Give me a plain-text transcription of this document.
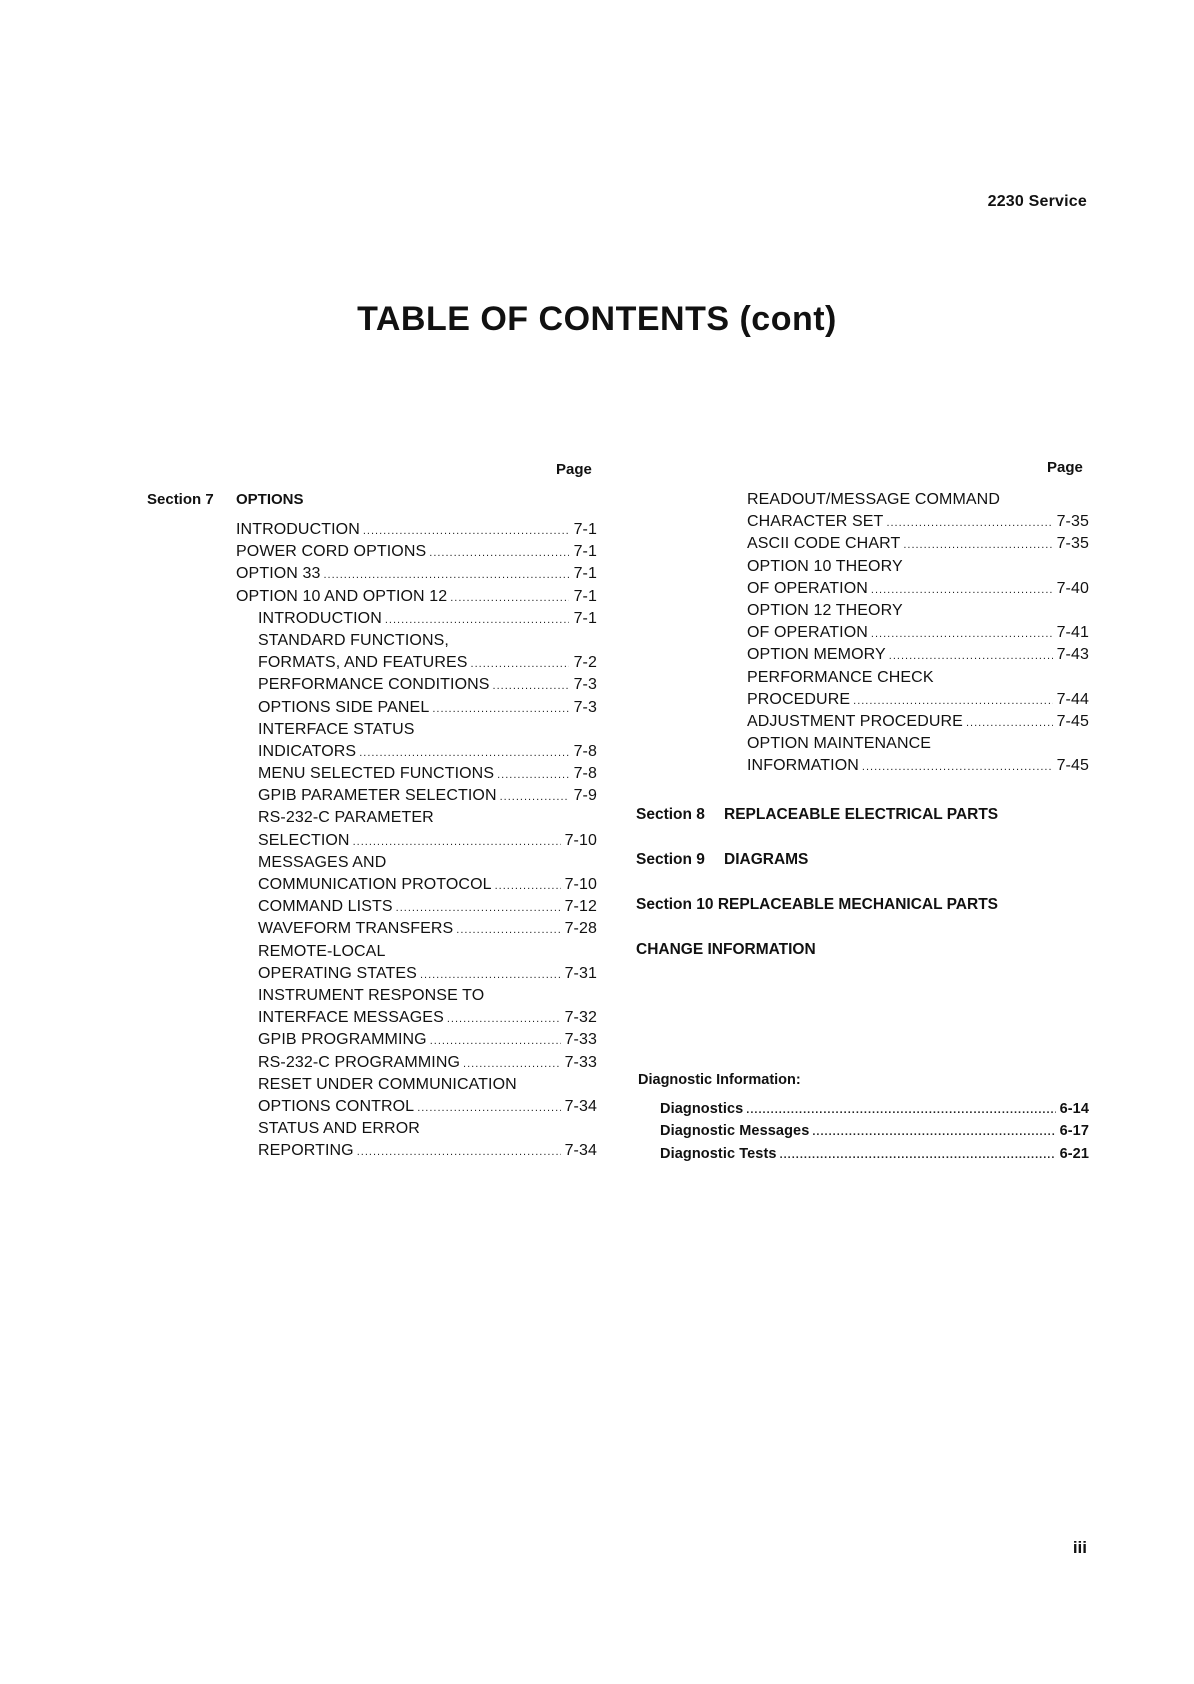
2230 Service
TABLE OF CONTENTS (cont)
Page
Section 7 OPTIONS
INTRODUCTION .....	7-1
POWER CORD OPTIONS .....	7-1
OPTION 33 .....	7-1
OPTION 10 AND OPTION 12 .....	7-1
INTRODUCTION .....	7-1
STANDARD FUNCTIONS,
FORMATS, AND FEATURES .....	7-2
PERFORMANCE CONDITIONS .....	7-3
OPTIONS SIDE PANEL .....	7-3
INTERFACE STATUS
INDICATORS .....	7-8
MENU SELECTED FUNCTIONS .....	7-8
GPIB PARAMETER SELECTION .....	7-9
RS-232-C PARAMETER
SELECTION .....	7-10
MESSAGES AND
COMMUNICATION PROTOCOL .....	7-10
COMMAND LISTS .....	7-12
WAVEFORM TRANSFERS .....	7-28
REMOTE-LOCAL
OPERATING STATES .....	7-31
INSTRUMENT RESPONSE TO
INTERFACE MESSAGES .....	7-32
GPIB PROGRAMMING .....	7-33
RS-232-C PROGRAMMING .....	7-33
RESET UNDER COMMUNICATION
OPTIONS CONTROL .....	7-34
STATUS AND ERROR
REPORTING .....	7-34
Page
READOUT/MESSAGE COMMAND
CHARACTER SET .....	7-35
ASCII CODE CHART .....	7-35
OPTION 10 THEORY
OF OPERATION .....	7-40
OPTION 12 THEORY
OF OPERATION .....	7-41
OPTION MEMORY .....	7-43
PERFORMANCE CHECK
PROCEDURE .....	7-44
ADJUSTMENT PROCEDURE .....	7-45
OPTION MAINTENANCE
INFORMATION .....	7-45
Section 8 REPLACEABLE ELECTRICAL PARTS
Section 9 DIAGRAMS
Section 10 REPLACEABLE MECHANICAL PARTS
CHANGE INFORMATION
Diagnostic Information:
Diagnostics .....	6-14
Diagnostic Messages .....	6-17
Diagnostic Tests .....	6-21
iii
